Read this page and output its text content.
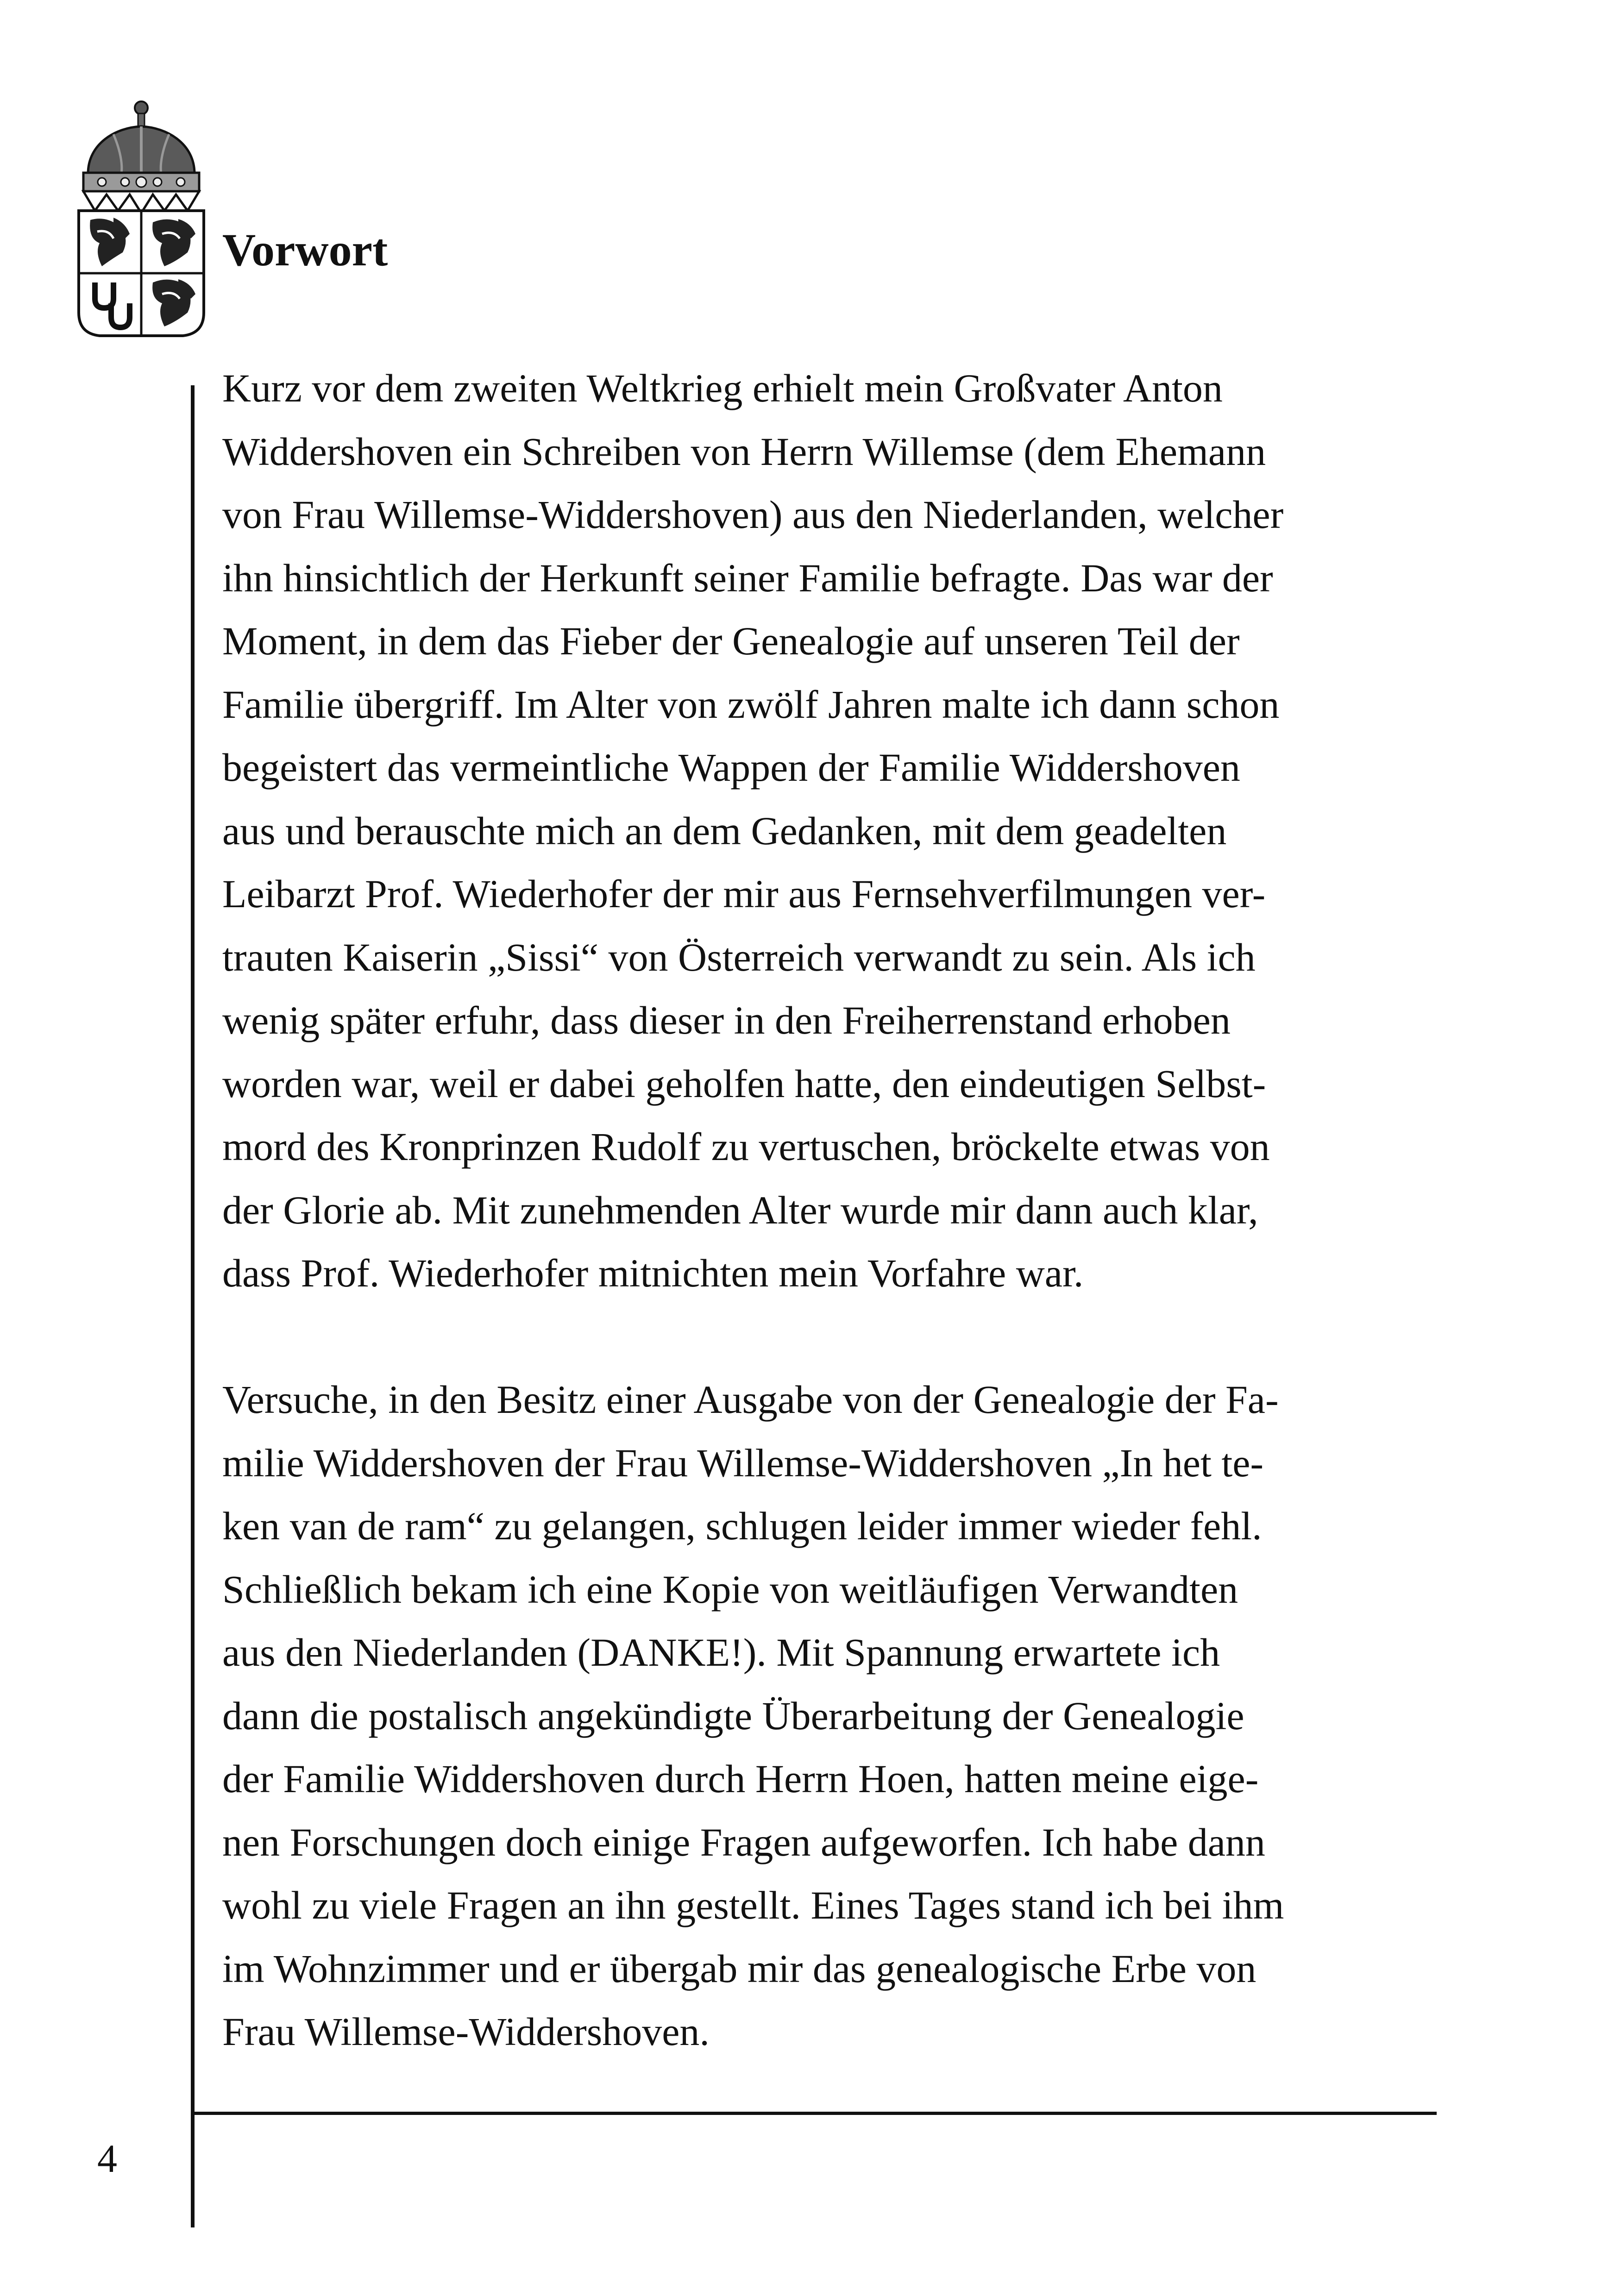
Vorwort

Kurz vor dem zweiten Weltkrieg erhielt mein Großvater Anton
Widdershoven ein Schreiben von Herrn Willemse (dem Ehemann
von Frau Willemse-Widdershoven) aus den Niederlanden, welcher
ihn hinsichtlich der Herkunft seiner Familie befragte. Das war der
Moment, in dem das Fieber der Genealogie auf unseren Teil der
Familie übergriff. Im Alter von zwölf Jahren malte ich dann schon
begeistert das vermeintliche Wappen der Familie Widdershoven
aus und berauschte mich an dem Gedanken, mit dem geadelten
Leibarzt Prof. Wiederhofer der mir aus Fernsehverfilmungen ver-
trauten Kaiserin „Sissi“ von Österreich verwandt zu sein. Als ich
wenig später erfuhr, dass dieser in den Freiherrenstand erhoben
worden war, weil er dabei geholfen hatte, den eindeutigen Selbst-
mord des Kronprinzen Rudolf zu vertuschen, bröckelte etwas von
der Glorie ab. Mit zunehmenden Alter wurde mir dann auch klar,
dass Prof. Wiederhofer mitnichten mein Vorfahre war.

Versuche, in den Besitz einer Ausgabe von der Genealogie der Fa-
milie Widdershoven der Frau Willemse-Widdershoven „In het te-
ken van de ram“ zu gelangen, schlugen leider immer wieder fehl.
Schließlich bekam ich eine Kopie von weitläufigen Verwandten
aus den Niederlanden (DANKE!). Mit Spannung erwartete ich
dann die postalisch angekündigte Überarbeitung der Genealogie
der Familie Widdershoven durch Herrn Hoen, hatten meine eige-
nen Forschungen doch einige Fragen aufgeworfen. Ich habe dann
wohl zu viele Fragen an ihn gestellt. Eines Tages stand ich bei ihm
im Wohnzimmer und er übergab mir das genealogische Erbe von
Frau Willemse-Widdershoven.

4
